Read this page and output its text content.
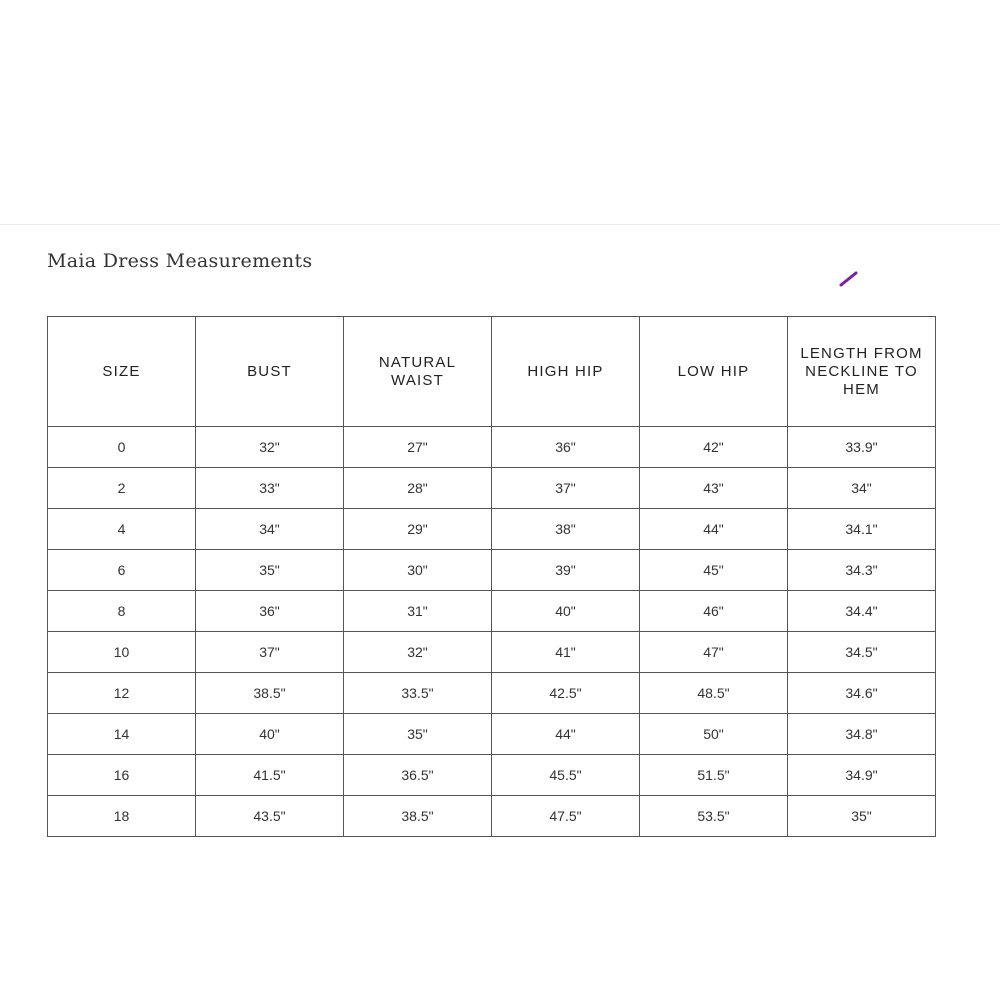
Maia Dress Measurements
SIZE	BUST	NATURAL WAIST	HIGH HIP	LOW HIP	LENGTH FROM NECKLINE TO HEM
0	32"	27"	36"	42"	33.9"
2	33"	28"	37"	43"	34"
4	34"	29"	38"	44"	34.1"
6	35"	30"	39"	45"	34.3"
8	36"	31"	40"	46"	34.4"
10	37"	32"	41"	47"	34.5"
12	38.5"	33.5"	42.5"	48.5"	34.6"
14	40"	35"	44"	50"	34.8"
16	41.5"	36.5"	45.5"	51.5"	34.9"
18	43.5"	38.5"	47.5"	53.5"	35"
